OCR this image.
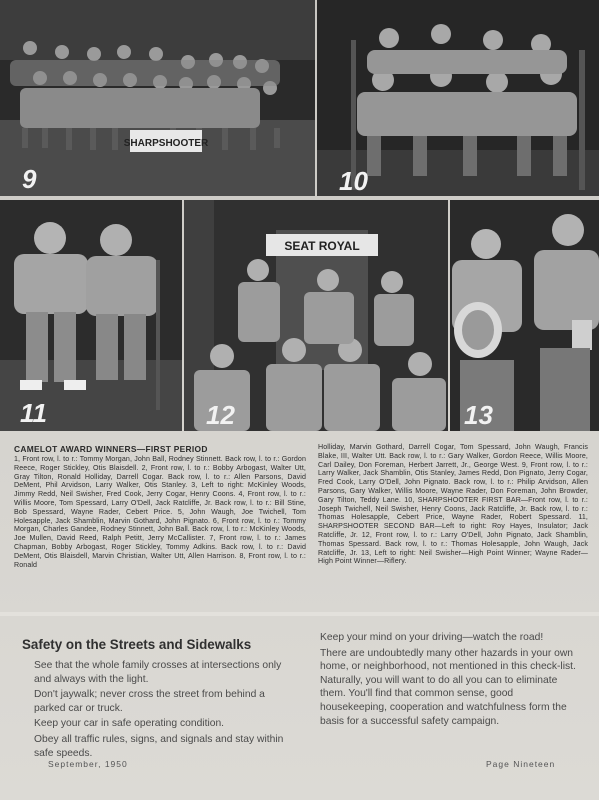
SHARPSHOOTER
9	10
11
SEAT ROYAL
12	13
CAMELOT AWARD WINNERS—FIRST PERIOD
1, Front row, l. to r.: Tommy Morgan, John Ball, Rodney Stinnett. Back row, l. to r.: Gordon Reece, Roger Stickley, Otis Blaisdell. 2, Front row, l. to r.: Bobby Arbogast, Walter Utt, Gray Tilton, Ronald Holliday, Darrell Cogar. Back row, l. to r.: Allen Parsons, David DeMent, Phil Arvidson, Larry Walker, Otis Stanley. 3, Left to right: McKinley Woods, Jimmy Redd, Neil Swisher, Fred Cook, Jerry Cogar, Henry Coons. 4, Front row, l. to r.: Willis Moore, Tom Spessard, Larry O'Dell, Jack Ratcliffe, Jr. Back row, l. to r.: Bill Stine, Bob Spessard, Wayne Rader, Cebert Price. 5, John Waugh, Joe Twichell, Tom Holesapple, Jack Shamblin, Marvin Gothard, John Pignato. 6, Front row, l. to r.: Tommy Morgan, Charles Gandee, Rodney Stinnett, John Ball. Back row, l. to r.: McKinley Woods, Joe Mullen, David Reed, Ralph Petitt, Jerry McCallister. 7, Front row, l. to r.: James Chapman, Bobby Arbogast, Roger Stickley, Tommy Adkins. Back row, l. to r.: David DeMent, Otis Blaisdell, Marvin Christian, Walter Utt, Allen Harrison. 8, Front row, l. to r.: Ronald
Holliday, Marvin Gothard, Darrell Cogar, Tom Spessard, John Waugh, Francis Blake, III, Walter Utt. Back row, l. to r.: Gary Walker, Gordon Reece, Willis Moore, Carl Dailey, Don Foreman, Herbert Jarrett, Jr., George West. 9, Front row, l. to r.: Larry Walker, Jack Shamblin, Otis Stanley, James Redd, Don Pignato, Jerry Cogar, Fred Cook, Larry O'Dell, John Pignato. Back row, l. to r.: Philip Arvidson, Allen Parsons, Gary Walker, Willis Moore, Wayne Rader, Don Foreman, John Browder, Gary Tilton, Teddy Lane. 10, SHARPSHOOTER FIRST BAR—Front row, l. to r.: Joseph Twichell, Neil Swisher, Henry Coons, Jack Ratcliffe, Jr. Back row, l. to r.: Thomas Holesapple, Cebert Price, Wayne Rader, Robert Spessard. 11, SHARPSHOOTER SECOND BAR—Left to right: Roy Hayes, Insulator; Jack Ratcliffe, Jr. 12, Front row, l. to r.: Larry O'Dell, John Pignato, Jack Shamblin, Thomas Spessard. Back row, l. to r.: Thomas Holesapple, John Waugh, Jack Ratcliffe, Jr. 13, Left to right: Neil Swisher—High Point Winner; Wayne Rader—High Point Winner—Riflery.
Safety on the Streets and Sidewalks

See that the whole family crosses at intersections only and always with the light.

Don't jaywalk; never cross the street from behind a parked car or truck.

Keep your car in safe operating condition.

Obey all traffic rules, signs, and signals and stay within safe speeds.

Keep your mind on your driving—watch the road!

There are undoubtedly many other hazards in your own home, or neighborhood, not mentioned in this check-list. Naturally, you will want to do all you can to eliminate them. You'll find that common sense, good housekeeping, cooperation and watchfulness form the basis for a successful safety campaign.

September, 1950	Page Nineteen
